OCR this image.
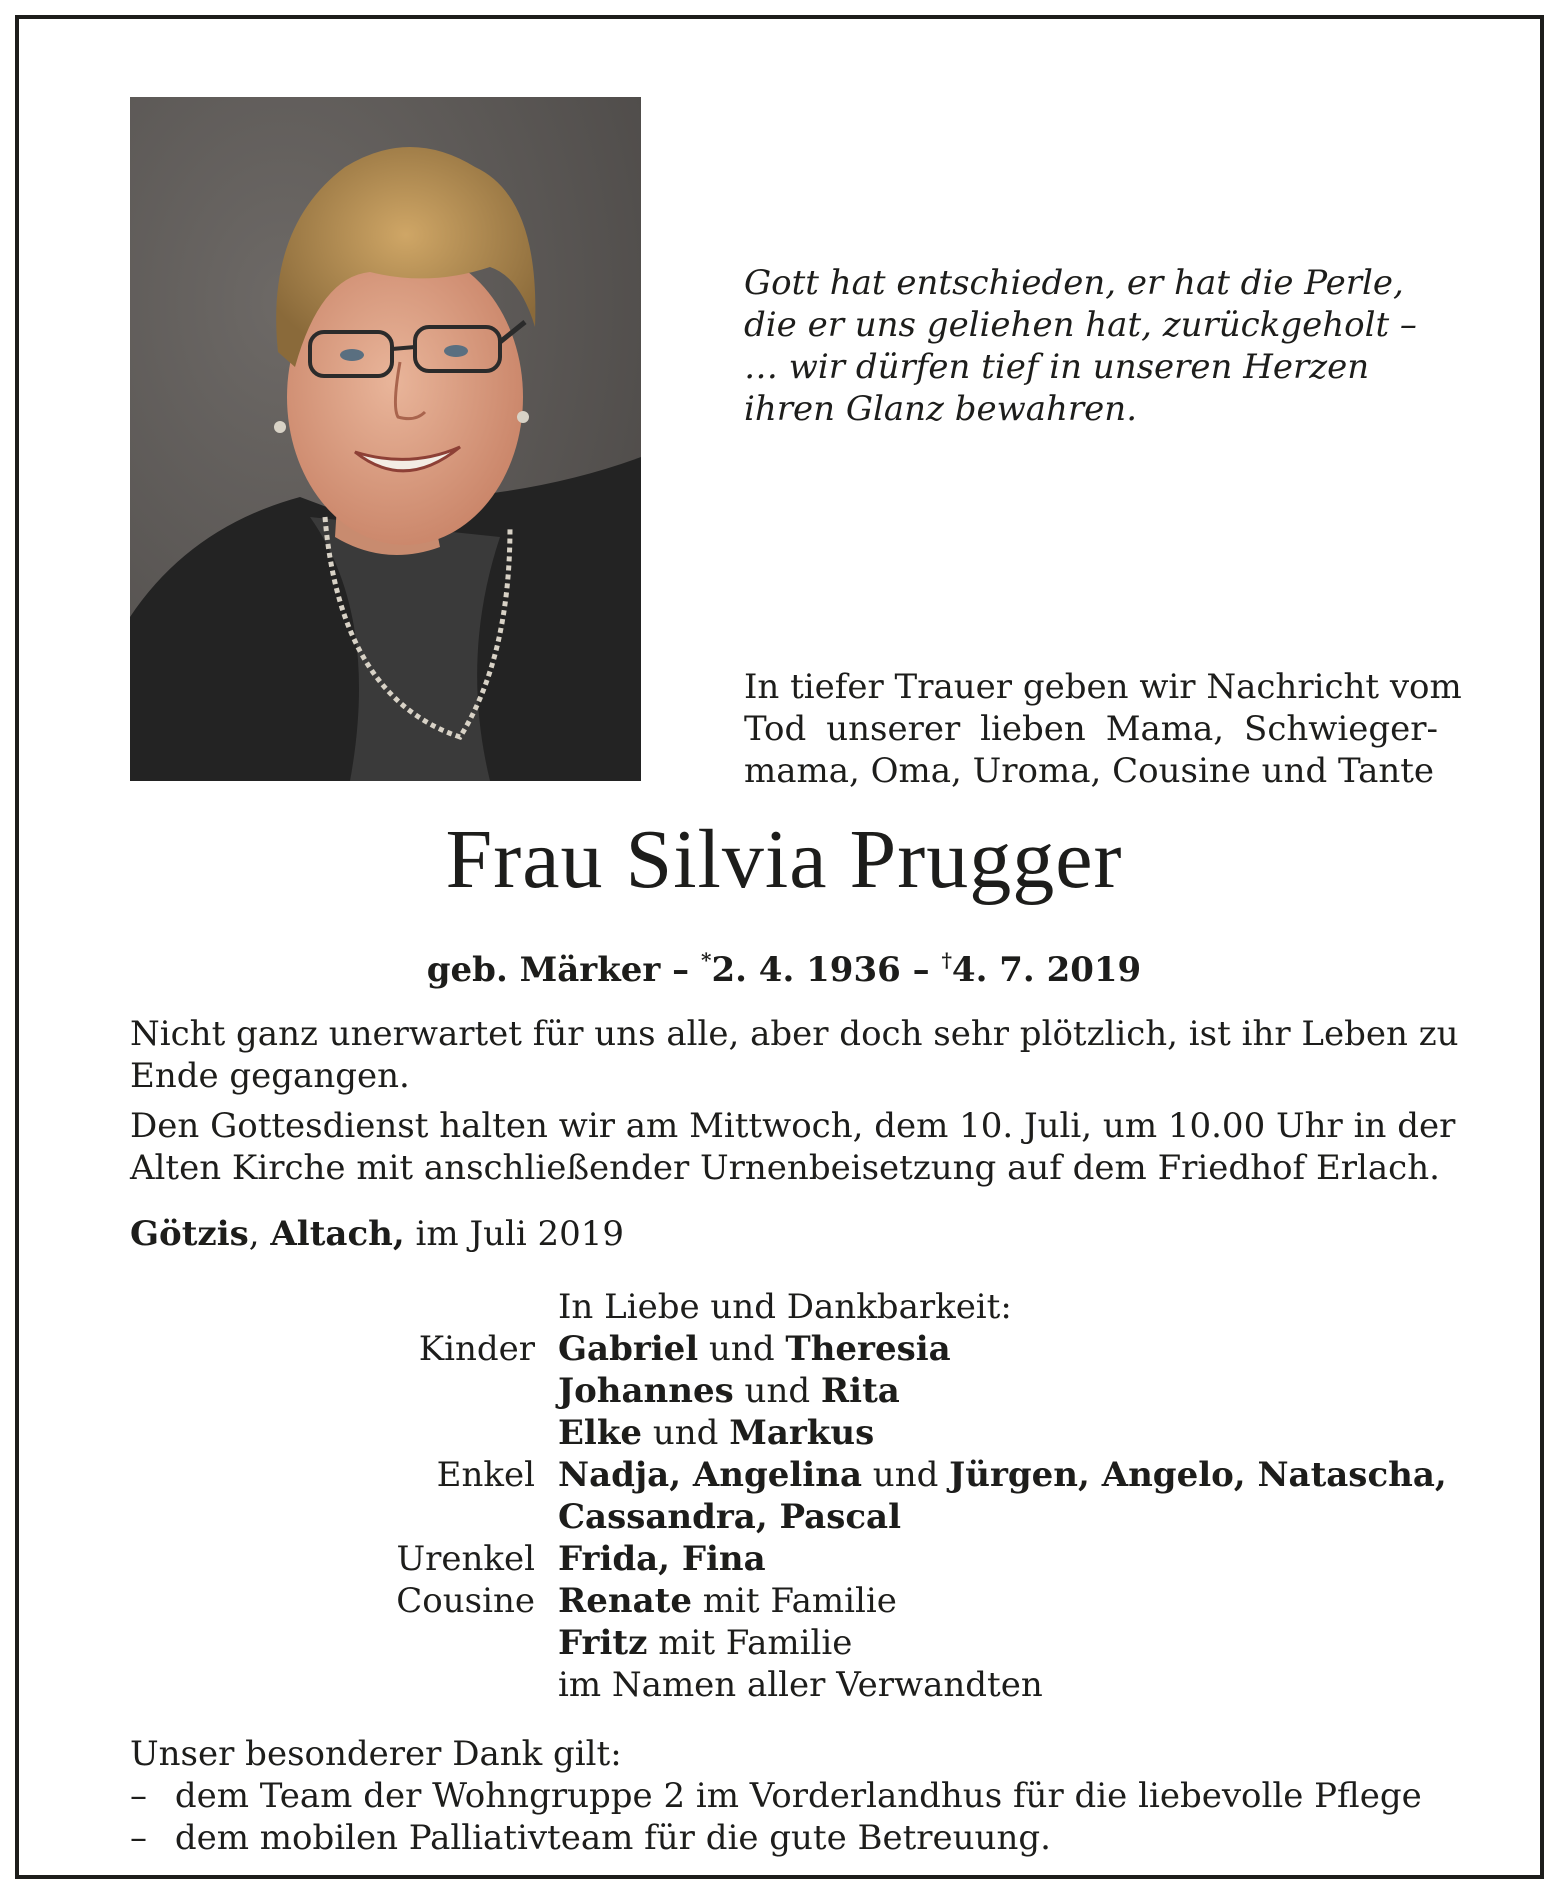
Gott hat entschieden, er hat die Perle,
die er uns geliehen hat, zurückgeholt –
… wir dürfen tief in unseren Herzen
ihren Glanz bewahren.
In tiefer Trauer geben wir Nachricht vom
Tod unserer lieben Mama, Schwieger-
mama, Oma, Uroma, Cousine und Tante
Frau Silvia Prugger
geb. Märker – *2. 4. 1936 – †4. 7. 2019
Nicht ganz unerwartet für uns alle, aber doch sehr plötzlich, ist ihr Leben zu
Ende gegangen.
Den Gottesdienst halten wir am Mittwoch, dem 10. Juli, um 10.00 Uhr in der
Alten Kirche mit anschließender Urnenbeisetzung auf dem Friedhof Erlach.
Götzis, Altach, im Juli 2019
In Liebe und Dankbarkeit:
Kinder Gabriel und Theresia
Johannes und Rita
Elke und Markus
Enkel Nadja, Angelina und Jürgen, Angelo, Natascha,
Cassandra, Pascal
Urenkel Frida, Fina
Cousine Renate mit Familie
Fritz mit Familie
im Namen aller Verwandten
Unser besonderer Dank gilt:
– dem Team der Wohngruppe 2 im Vorderlandhus für die liebevolle Pflege
– dem mobilen Palliativteam für die gute Betreuung.
